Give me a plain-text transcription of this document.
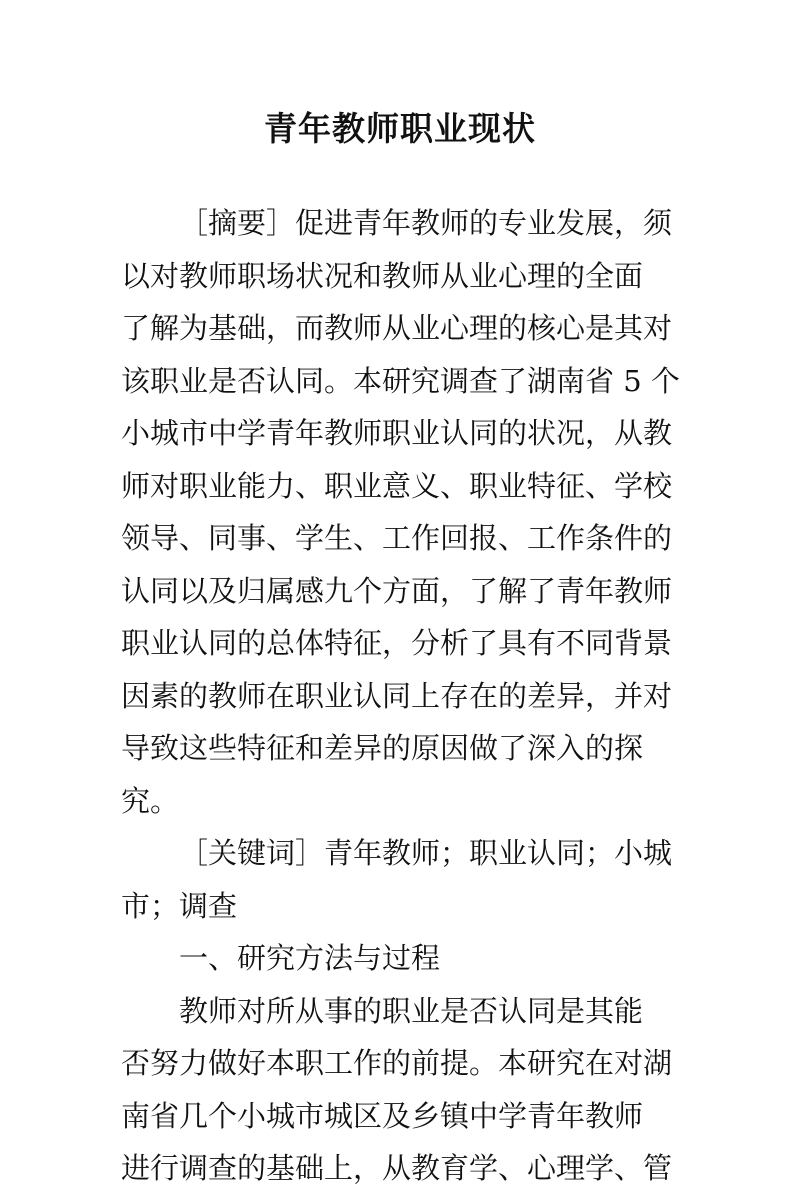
青年教师职业现状
［摘要］促进青年教师的专业发展，须
以对教师职场状况和教师从业心理的全面
了解为基础，而教师从业心理的核心是其对
该职业是否认同。本研究调查了湖南省 5 个
小城市中学青年教师职业认同的状况，从教
师对职业能力、职业意义、职业特征、学校
领导、同事、学生、工作回报、工作条件的
认同以及归属感九个方面，了解了青年教师
职业认同的总体特征，分析了具有不同背景
因素的教师在职业认同上存在的差异，并对
导致这些特征和差异的原因做了深入的探
究。
［关键词］青年教师；职业认同；小城
市；调查
一、研究方法与过程
教师对所从事的职业是否认同是其能
否努力做好本职工作的前提。本研究在对湖
南省几个小城市城区及乡镇中学青年教师
进行调查的基础上，从教育学、心理学、管
